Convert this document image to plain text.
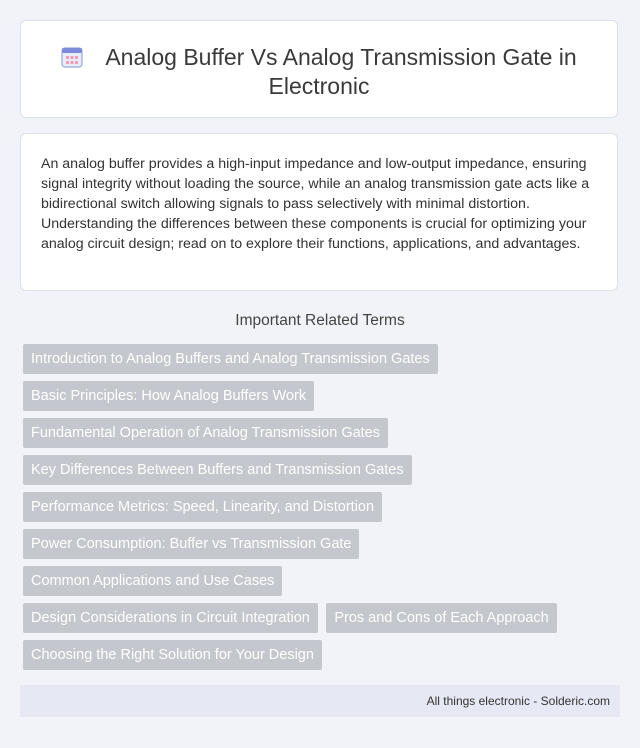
Analog Buffer Vs Analog Transmission Gate in Electronic

An analog buffer provides a high-input impedance and low-output impedance, ensuring signal integrity without loading the source, while an analog transmission gate acts like a bidirectional switch allowing signals to pass selectively with minimal distortion. Understanding the differences between these components is crucial for optimizing your analog circuit design; read on to explore their functions, applications, and advantages.

Important Related Terms
Introduction to Analog Buffers and Analog Transmission Gates
Basic Principles: How Analog Buffers Work
Fundamental Operation of Analog Transmission Gates
Key Differences Between Buffers and Transmission Gates
Performance Metrics: Speed, Linearity, and Distortion
Power Consumption: Buffer vs Transmission Gate
Common Applications and Use Cases
Design Considerations in Circuit Integration Pros and Cons of Each Approach
Choosing the Right Solution for Your Design
All things electronic - Solderic.com
